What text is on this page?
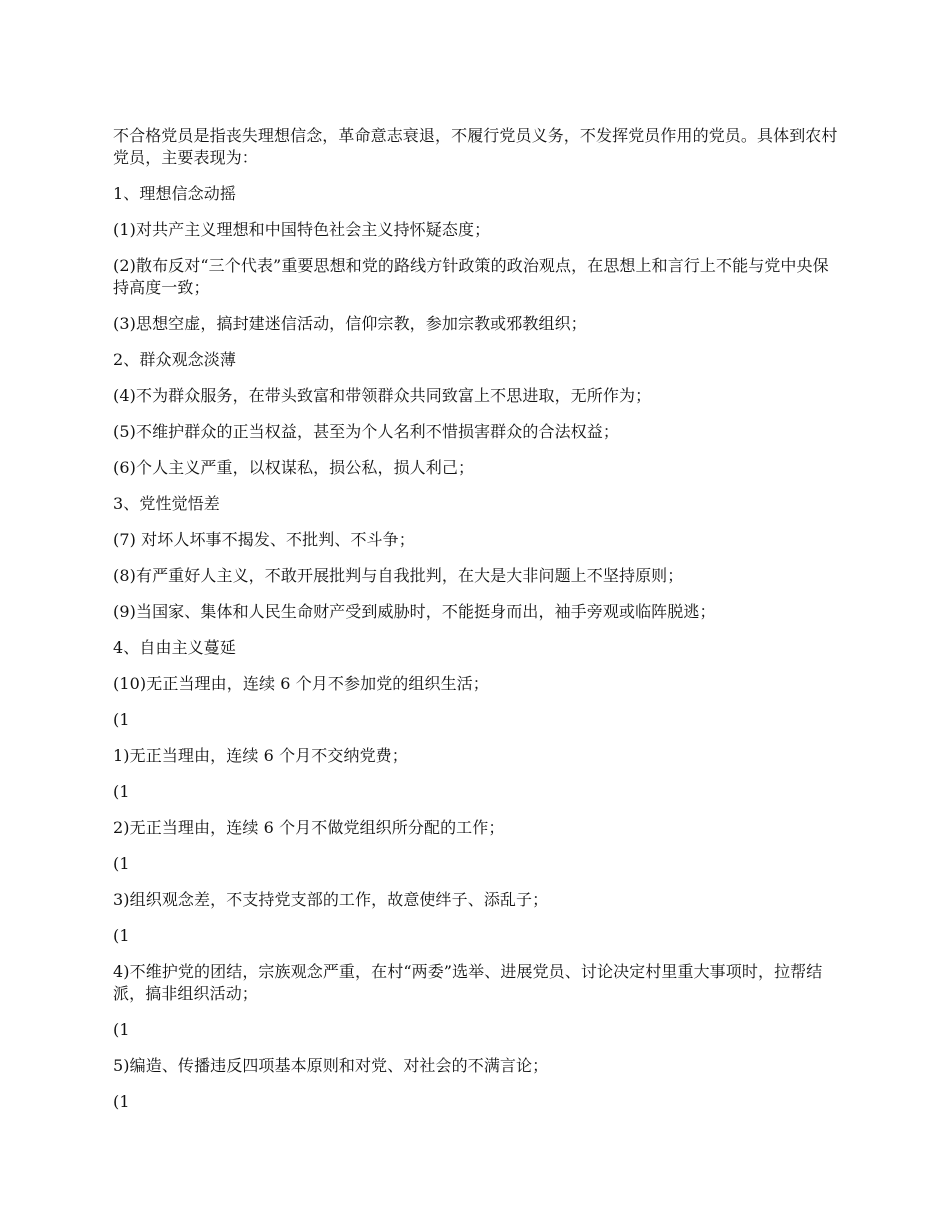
不合格党员是指丧失理想信念，革命意志衰退，不履行党员义务，不发挥党员作用的党员。具体到农村党员，主要表现为：

1、理想信念动摇

(1)对共产主义理想和中国特色社会主义持怀疑态度；

(2)散布反对“三个代表”重要思想和党的路线方针政策的政治观点，在思想上和言行上不能与党中央保持高度一致；

(3)思想空虚，搞封建迷信活动，信仰宗教，参加宗教或邪教组织；

2、群众观念淡薄

(4)不为群众服务，在带头致富和带领群众共同致富上不思进取，无所作为；

(5)不维护群众的正当权益，甚至为个人名利不惜损害群众的合法权益；

(6)个人主义严重，以权谋私，损公私，损人利己；

3、党性觉悟差

(7) 对坏人坏事不揭发、不批判、不斗争；

(8)有严重好人主义，不敢开展批判与自我批判，在大是大非问题上不坚持原则；

(9)当国家、集体和人民生命财产受到威胁时，不能挺身而出，袖手旁观或临阵脱逃；

4、自由主义蔓延

(10)无正当理由，连续 6 个月不参加党的组织生活；

(1

1)无正当理由，连续 6 个月不交纳党费；

(1

2)无正当理由，连续 6 个月不做党组织所分配的工作；

(1

3)组织观念差，不支持党支部的工作，故意使绊子、添乱子；

(1

4)不维护党的团结，宗族观念严重，在村“两委”选举、进展党员、讨论决定村里重大事项时，拉帮结派，搞非组织活动；

(1

5)编造、传播违反四项基本原则和对党、对社会的不满言论；

(1
